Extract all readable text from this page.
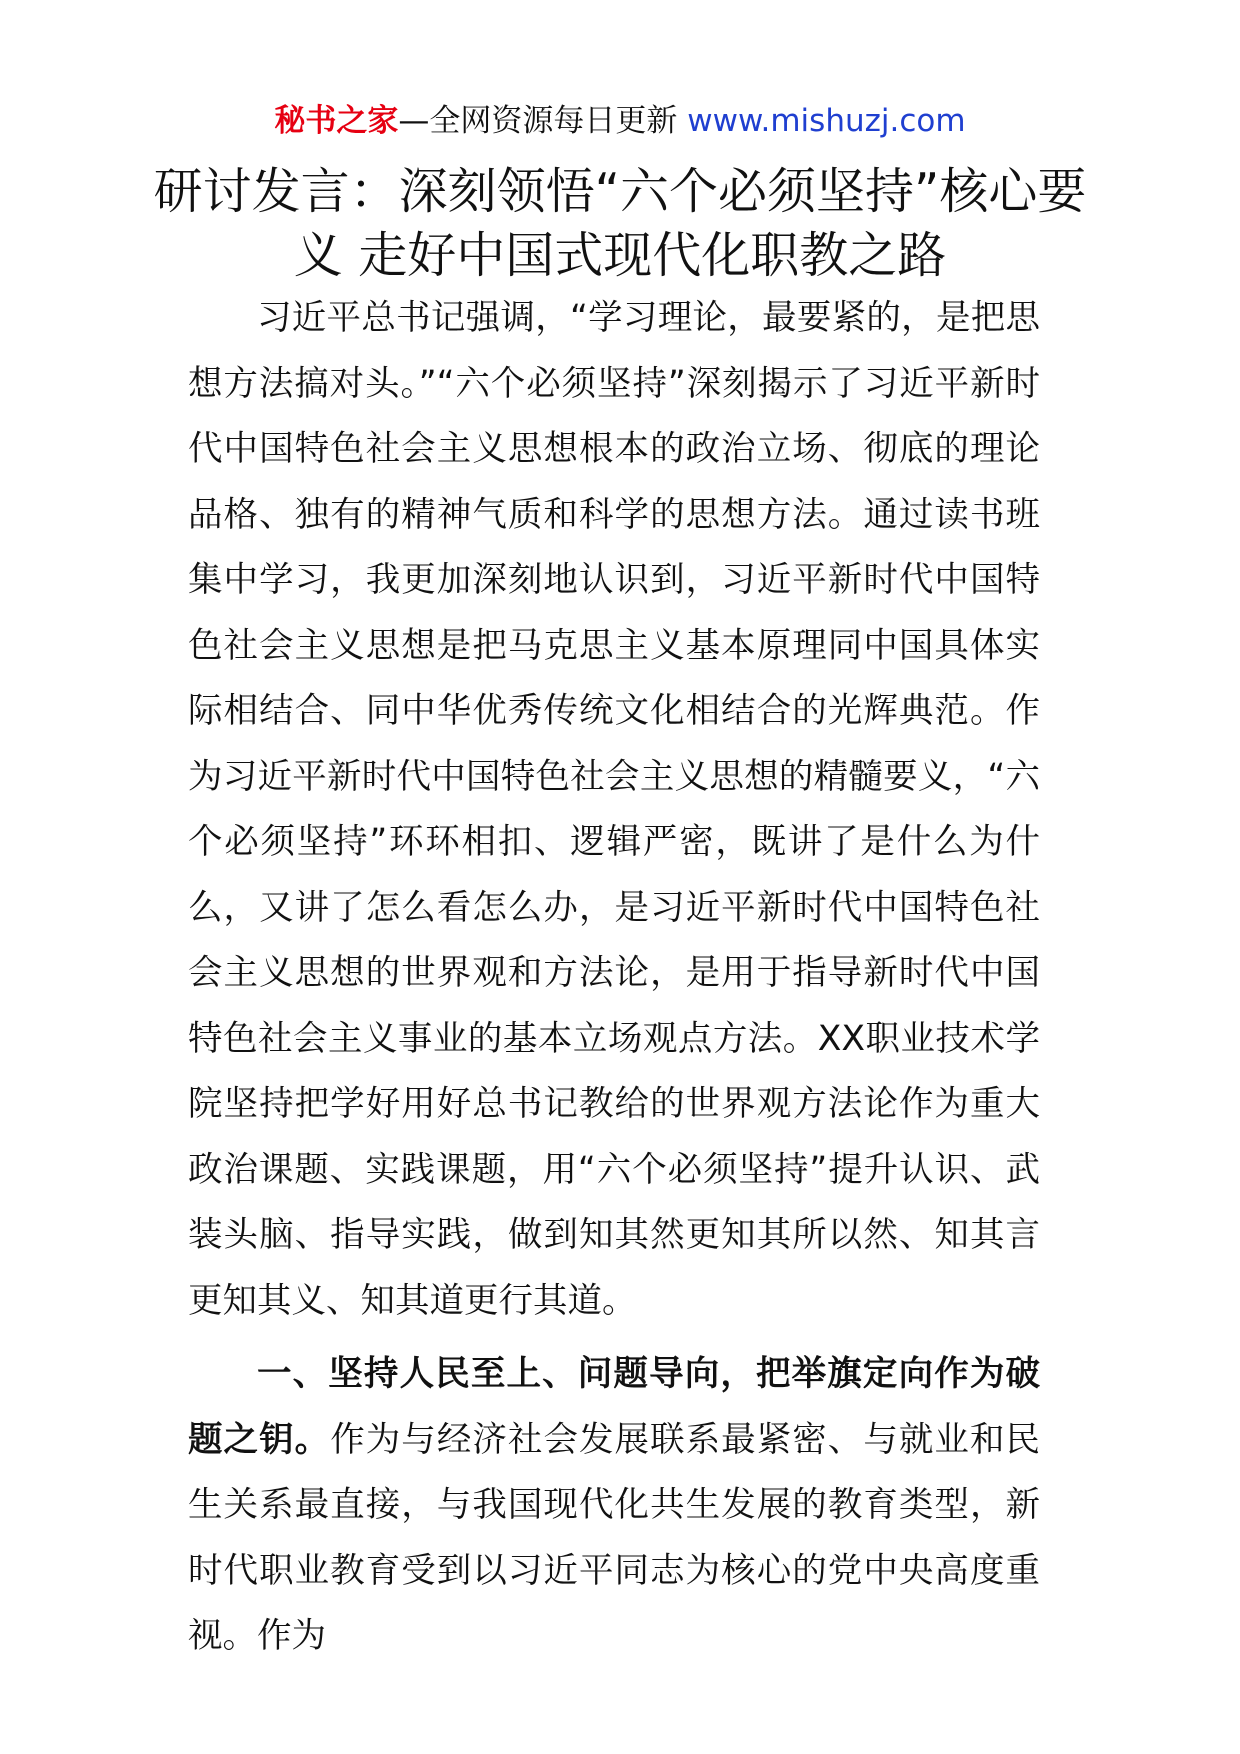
秘书之家—全网资源每日更新 www.mishuzj.com
研讨发言：深刻领悟“六个必须坚持”核心要义 走好中国式现代化职教之路

习近平总书记强调，“学习理论，最要紧的，是把思想方法搞对头。”“六个必须坚持”深刻揭示了习近平新时代中国特色社会主义思想根本的政治立场、彻底的理论品格、独有的精神气质和科学的思想方法。通过读书班集中学习，我更加深刻地认识到，习近平新时代中国特色社会主义思想是把马克思主义基本原理同中国具体实际相结合、同中华优秀传统文化相结合的光辉典范。作为习近平新时代中国特色社会主义思想的精髓要义，“六个必须坚持”环环相扣、逻辑严密，既讲了是什么为什么，又讲了怎么看怎么办，是习近平新时代中国特色社会主义思想的世界观和方法论，是用于指导新时代中国特色社会主义事业的基本立场观点方法。XX职业技术学院坚持把学好用好总书记教给的世界观方法论作为重大政治课题、实践课题，用“六个必须坚持”提升认识、武装头脑、指导实践，做到知其然更知其所以然、知其言更知其义、知其道更行其道。

一、坚持人民至上、问题导向，把举旗定向作为破题之钥。作为与经济社会发展联系最紧密、与就业和民生关系最直接，与我国现代化共生发展的教育类型，新时代职业教育受到以习近平同志为核心的党中央高度重视。作为
